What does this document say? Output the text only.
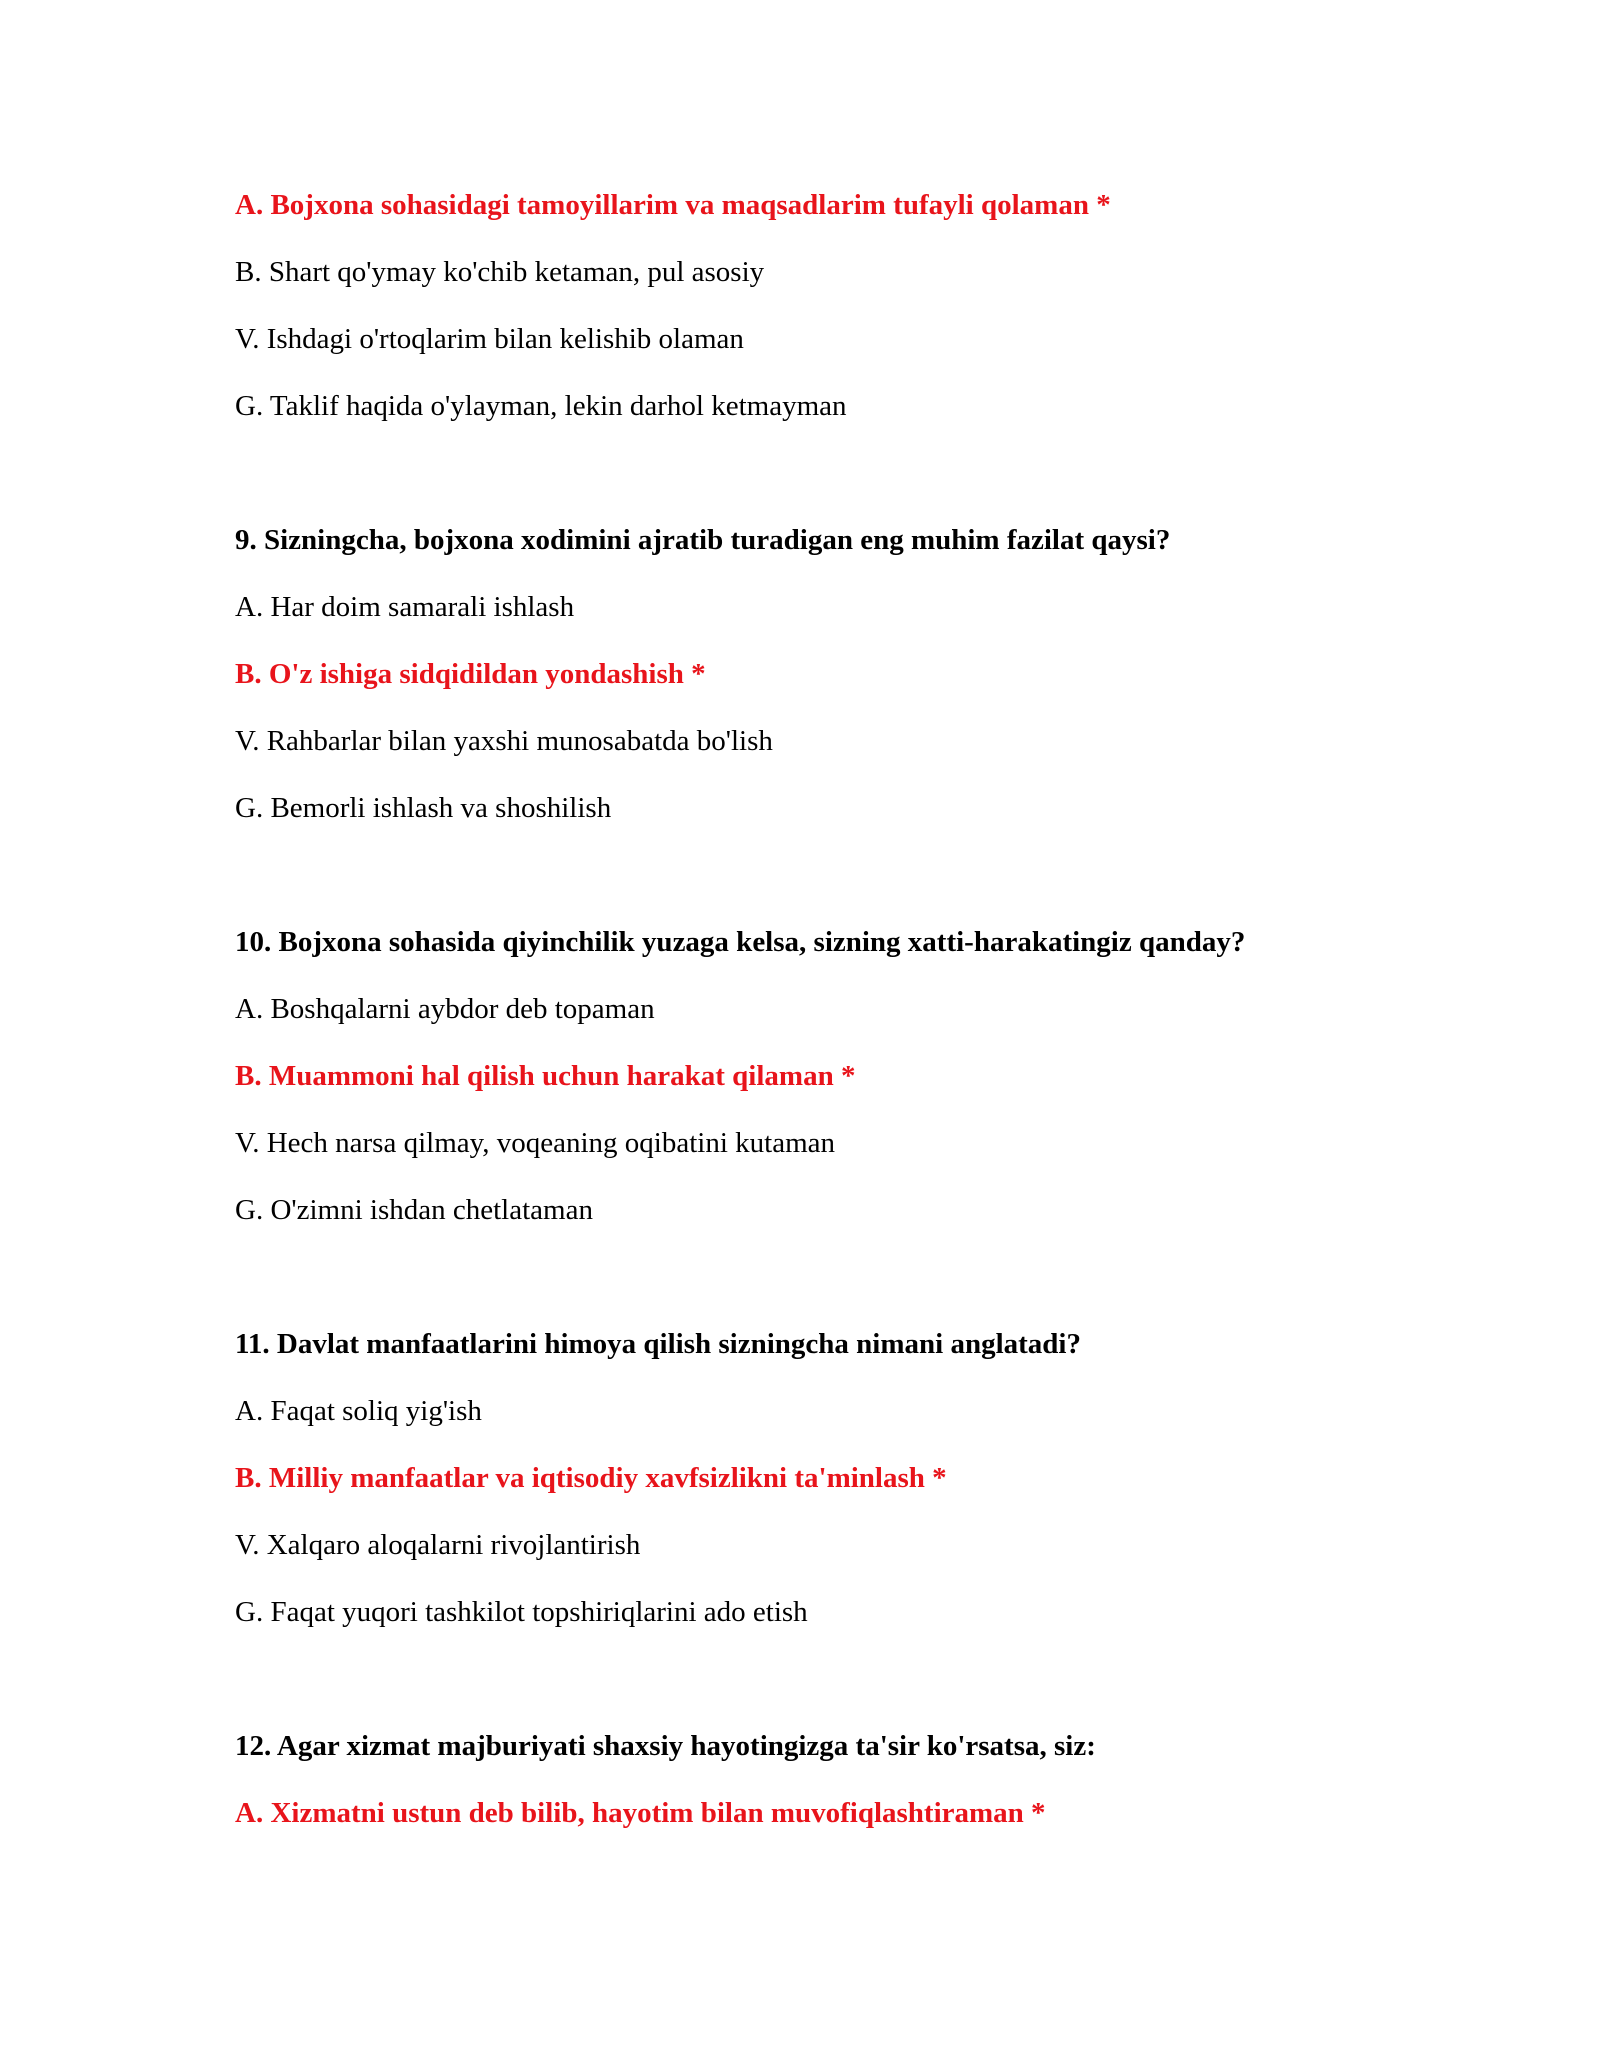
A. Bojxona sohasidagi tamoyillarim va maqsadlarim tufayli qolaman *
B. Shart qo'ymay ko'chib ketaman, pul asosiy
V. Ishdagi o'rtoqlarim bilan kelishib olaman
G. Taklif haqida o'ylayman, lekin darhol ketmayman
9. Sizningcha, bojxona xodimini ajratib turadigan eng muhim fazilat qaysi?
A. Har doim samarali ishlash
B. O'z ishiga sidqidildan yondashish *
V. Rahbarlar bilan yaxshi munosabatda bo'lish
G. Bemorli ishlash va shoshilish
10. Bojxona sohasida qiyinchilik yuzaga kelsa, sizning xatti-harakatingiz qanday?
A. Boshqalarni aybdor deb topaman
B. Muammoni hal qilish uchun harakat qilaman *
V. Hech narsa qilmay, voqeaning oqibatini kutaman
G. O'zimni ishdan chetlataman
11. Davlat manfaatlarini himoya qilish sizningcha nimani anglatadi?
A. Faqat soliq yig'ish
B. Milliy manfaatlar va iqtisodiy xavfsizlikni ta'minlash *
V. Xalqaro aloqalarni rivojlantirish
G. Faqat yuqori tashkilot topshiriqlarini ado etish
12. Agar xizmat majburiyati shaxsiy hayotingizga ta'sir ko'rsatsa, siz:
A. Xizmatni ustun deb bilib, hayotim bilan muvofiqlashtiraman *
